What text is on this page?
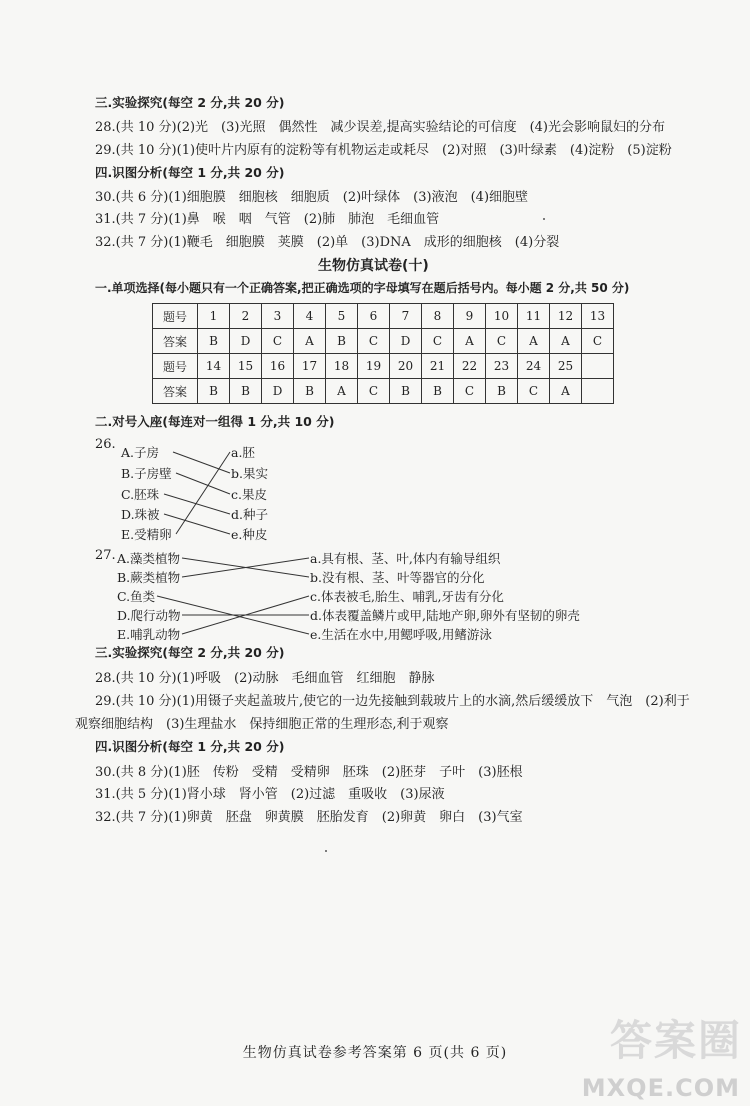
三.实验探究(每空 2 分,共 20 分)
28.(共 10 分)(2)光　(3)光照　偶然性　减少误差,提高实验结论的可信度　(4)光会影响鼠妇的分布
29.(共 10 分)(1)使叶片内原有的淀粉等有机物运走或耗尽　(2)对照　(3)叶绿素　(4)淀粉　(5)淀粉
四.识图分析(每空 1 分,共 20 分)
30.(共 6 分)(1)细胞膜　细胞核　细胞质　(2)叶绿体　(3)液泡　(4)细胞壁
31.(共 7 分)(1)鼻　喉　咽　气管　(2)肺　肺泡　毛细血管
32.(共 7 分)(1)鞭毛　细胞膜　荚膜　(2)单　(3)DNA　成形的细胞核　(4)分裂
生物仿真试卷(十)
一.单项选择(每小题只有一个正确答案,把正确选项的字母填写在题后括号内。每小题 2 分,共 50 分)
题号	1	2	3	4	5	6	7	8	9	10	11	12	13
答案	B	D	C	A	B	C	D	C	A	C	A	A	C
题号	14	15	16	17	18	19	20	21	22	23	24	25	
答案	B	B	D	B	A	C	B	B	C	B	C	A	
二.对号入座(每连对一组得 1 分,共 10 分)
26.
A.子房
B.子房壁
C.胚珠
D.珠被
E.受精卵
a.胚
b.果实
c.果皮
d.种子
e.种皮
27. A.藻类植物
B.蕨类植物
C.鱼类
D.爬行动物
E.哺乳动物
a.具有根、茎、叶,体内有输导组织
b.没有根、茎、叶等器官的分化
c.体表被毛,胎生、哺乳,牙齿有分化
d.体表覆盖鳞片或甲,陆地产卵,卵外有坚韧的卵壳
e.生活在水中,用鳃呼吸,用鳍游泳
三.实验探究(每空 2 分,共 20 分)
28.(共 10 分)(1)呼吸　(2)动脉　毛细血管　红细胞　静脉
29.(共 10 分)(1)用镊子夹起盖玻片,使它的一边先接触到载玻片上的水滴,然后缓缓放下　气泡　(2)利于
观察细胞结构　(3)生理盐水　保持细胞正常的生理形态,利于观察
四.识图分析(每空 1 分,共 20 分)
30.(共 8 分)(1)胚　传粉　受精　受精卵　胚珠　(2)胚芽　子叶　(3)胚根
31.(共 5 分)(1)肾小球　肾小管　(2)过滤　重吸收　(3)尿液
32.(共 7 分)(1)卵黄　胚盘　卵黄膜　胚胎发育　(2)卵黄　卵白　(3)气室
生物仿真试卷参考答案第 6 页(共 6 页)	答案圈
MXQE.COM
